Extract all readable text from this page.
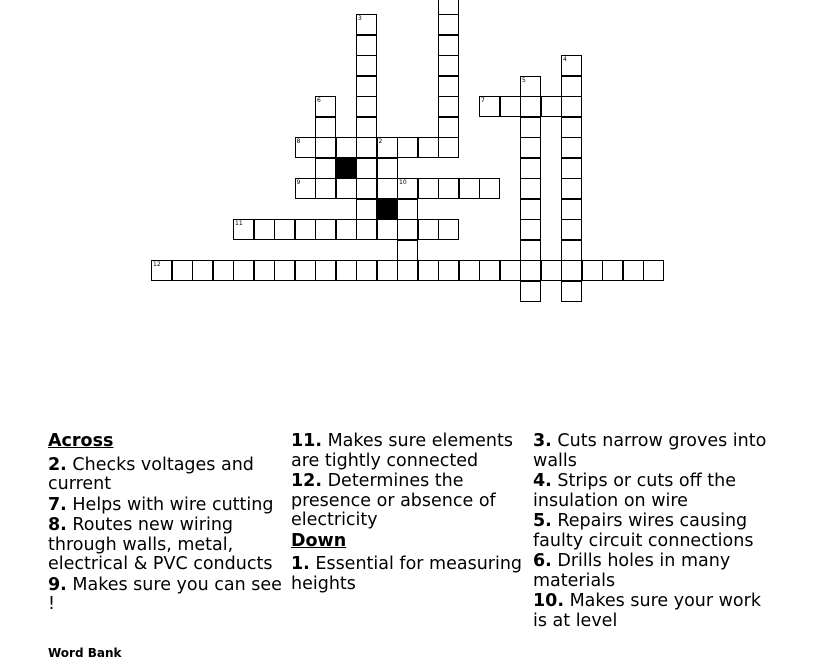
12
11
9	10
8	2
7
3
4
5
6
Across
2. Checks voltages and current
7. Helps with wire cutting
8. Routes new wiring through walls, metal, electrical & PVC conducts
9. Makes sure you can see !
11. Makes sure elements are tightly connected
12. Determines the presence or absence of electricity
Down
1. Essential for measuring heights
3. Cuts narrow groves into walls
4. Strips or cuts off the insulation on wire
5. Repairs wires causing faulty circuit connections
6. Drills holes in many materials
10. Makes sure your work is at level
Word Bank
